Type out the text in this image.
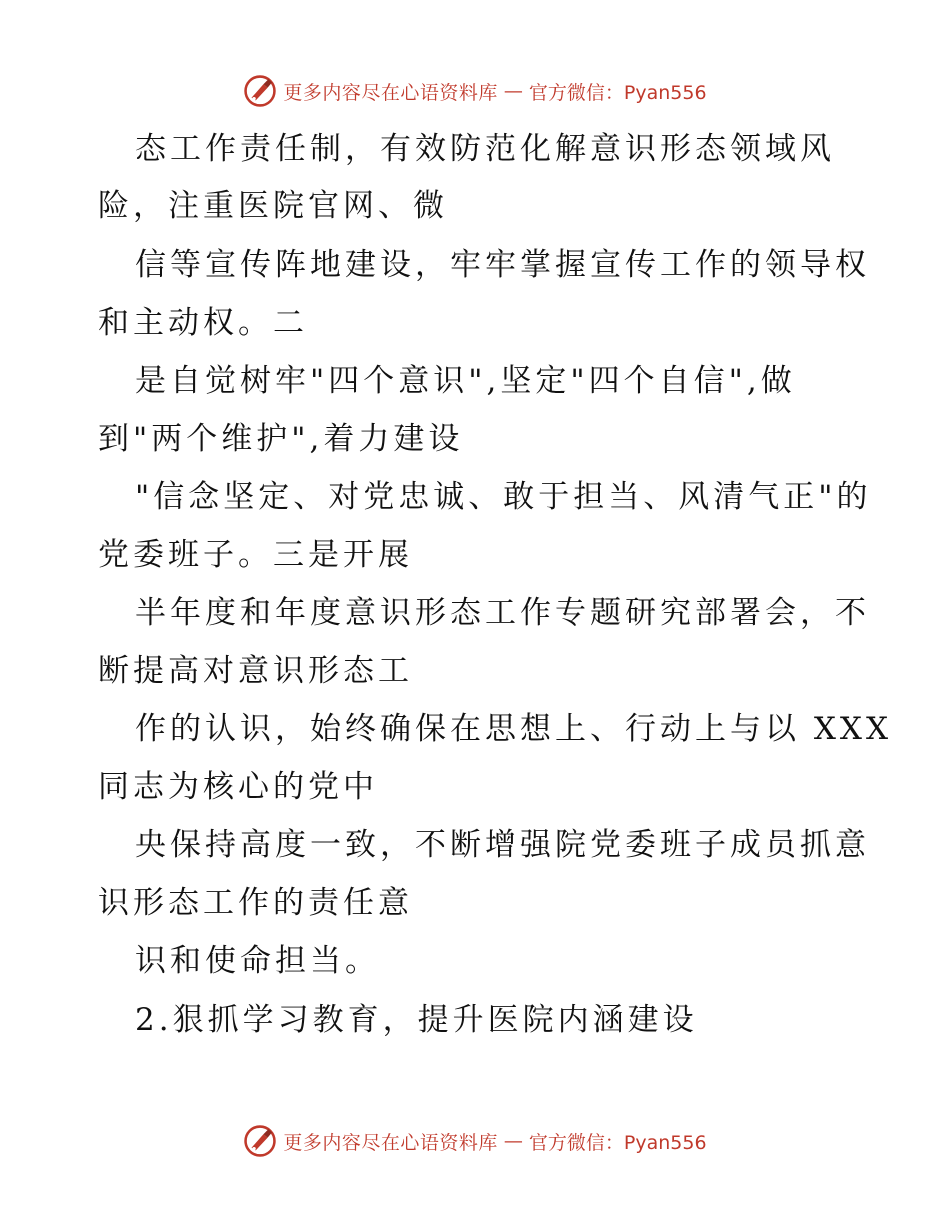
更多内容尽在心语资料库 — 官方微信：Pyan556
态工作责任制，有效防范化解意识形态领域风
险，注重医院官网、微
信等宣传阵地建设，牢牢掌握宣传工作的领导权
和主动权。二
是自觉树牢"四个意识",坚定"四个自信",做
到"两个维护",着力建设
"信念坚定、对党忠诚、敢于担当、风清气正"的
党委班子。三是开展
半年度和年度意识形态工作专题研究部署会，不
断提高对意识形态工
作的认识，始终确保在思想上、行动上与以 XXX
同志为核心的党中
央保持高度一致，不断增强院党委班子成员抓意
识形态工作的责任意
识和使命担当。
2.狠抓学习教育，提升医院内涵建设
更多内容尽在心语资料库 — 官方微信：Pyan556
